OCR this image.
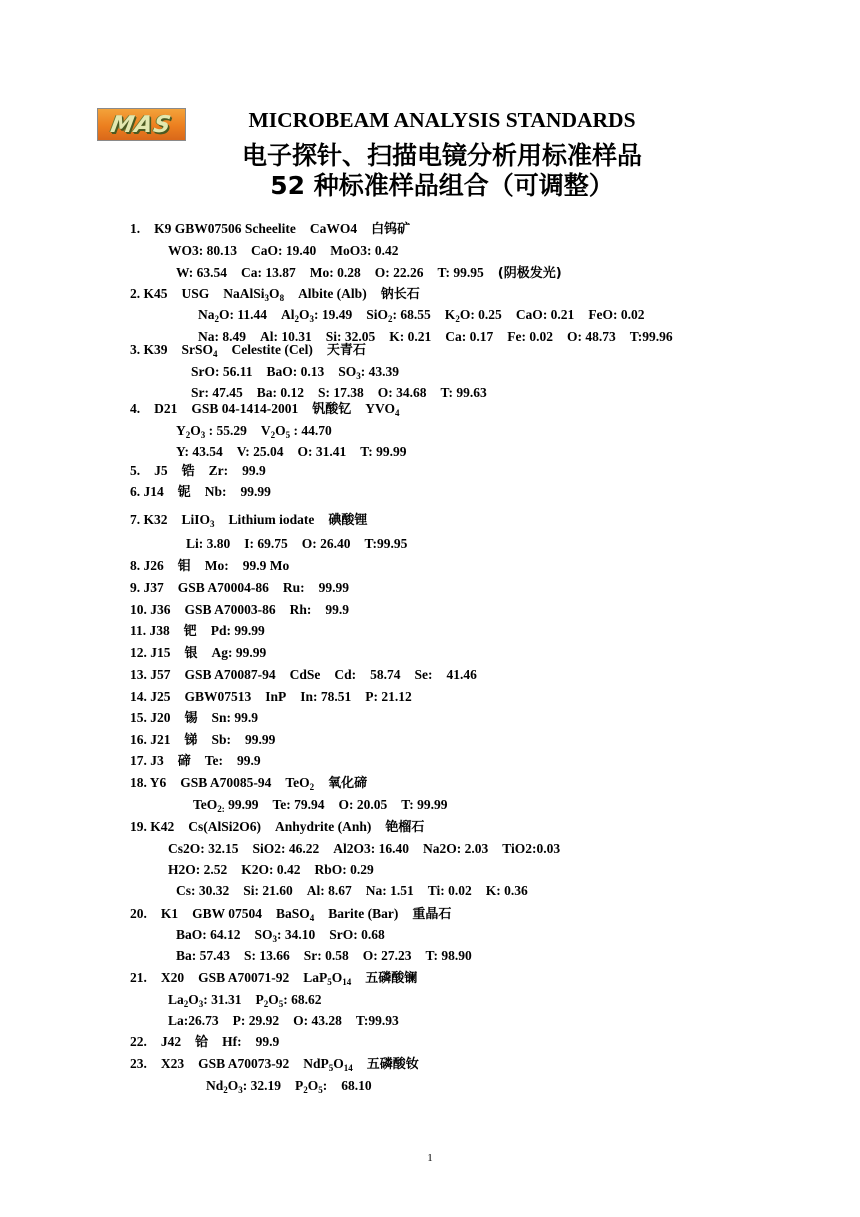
MAS	MICROBEAM ANALYSIS STANDARDS
电子探针、扫描电镜分析用标准样品
52 种标准样品组合（可调整）
1. K9 GBW07506 Scheelite CaWO4 白钨矿
WO3: 80.13 CaO: 19.40 MoO3: 0.42
W: 63.54 Ca: 13.87 Mo: 0.28 O: 22.26 T: 99.95 (阴极发光)
2. K45 USG $NaAlSi_3O_8$ Albite (Alb) 钠长石
$Na_2O$: 11.44 $Al_2O_3$: 19.49 SiO$_2$: 68.55 $K_2O$: 0.25 CaO: 0.21 FeO: 0.02
Na: 8.49 Al: 10.31 Si: 32.05 K: 0.21 Ca: 0.17 Fe: 0.02 O: 48.73 T:99.96
3. K39 SrSO$_4$ Celestite (Cel) 天青石
SrO: 56.11 BaO: 0.13 $SO_3$: 43.39
Sr: 47.45 Ba: 0.12 S: 17.38 O: 34.68 T: 99.63
4. D21 GSB 04-1414-2001 钒酸钇 $YVO_4$
$Y_2O_3$ : 55.29 $V_2O_5$ : 44.70
Y: 43.54 V: 25.04 O: 31.41 T: 99.99
5. J5 锆 Zr: 99.9
6. J14 铌 Nb: 99.99
7. K32 LiIO$_3$ Lithium iodate 碘酸锂
Li: 3.80 I: 69.75 O: 26.40 T:99.95
8. J26 钼 Mo: 99.9 Mo
9. J37 GSB A70004-86 Ru: 99.99
10. J36 GSB A70003-86 Rh: 99.9
11. J38 钯 Pd: 99.99
12. J15 银 Ag: 99.99
13. J57 GSB A70087-94 CdSe Cd: 58.74 Se: 41.46
14. J25 GBW07513 InP In: 78.51 P: 21.12
15. J20 锡 Sn: 99.9
16. J21 锑 Sb: 99.99
17. J3 碲 Te: 99.9
18. Y6 GSB A70085-94 TeO$_2$ 氧化碲
TeO$_{2:}$ 99.99 Te: 79.94 O: 20.05 T: 99.99
19. K42 Cs(AlSi2O6) Anhydrite (Anh) 铯榴石
Cs2O: 32.15 SiO2: 46.22 Al2O3: 16.40 Na2O: 2.03 TiO2:0.03
H2O: 2.52 K2O: 0.42 RbO: 0.29
Cs: 30.32 Si: 21.60 Al: 8.67 Na: 1.51 Ti: 0.02 K: 0.36
20. K1 GBW 07504 BaSO$_4$ Barite (Bar) 重晶石
BaO: 64.12 $SO_3$: 34.10 SrO: 0.68
Ba: 57.43 S: 13.66 Sr: 0.58 O: 27.23 T: 98.90
21. X20 GSB A70071-92 $LaP_5O_{14}$ 五磷酸镧
$La_2O_3$: 31.31 $P_2O_5$: 68.62
La:26.73 P: 29.92 O: 43.28 T:99.93
22. J42 铪 Hf: 99.9
23. X23 GSB A70073-92 $NdP_5O_{14}$ 五磷酸钕
$Nd_2O_3$: 32.19 $P_2O_5$: 68.10
1
